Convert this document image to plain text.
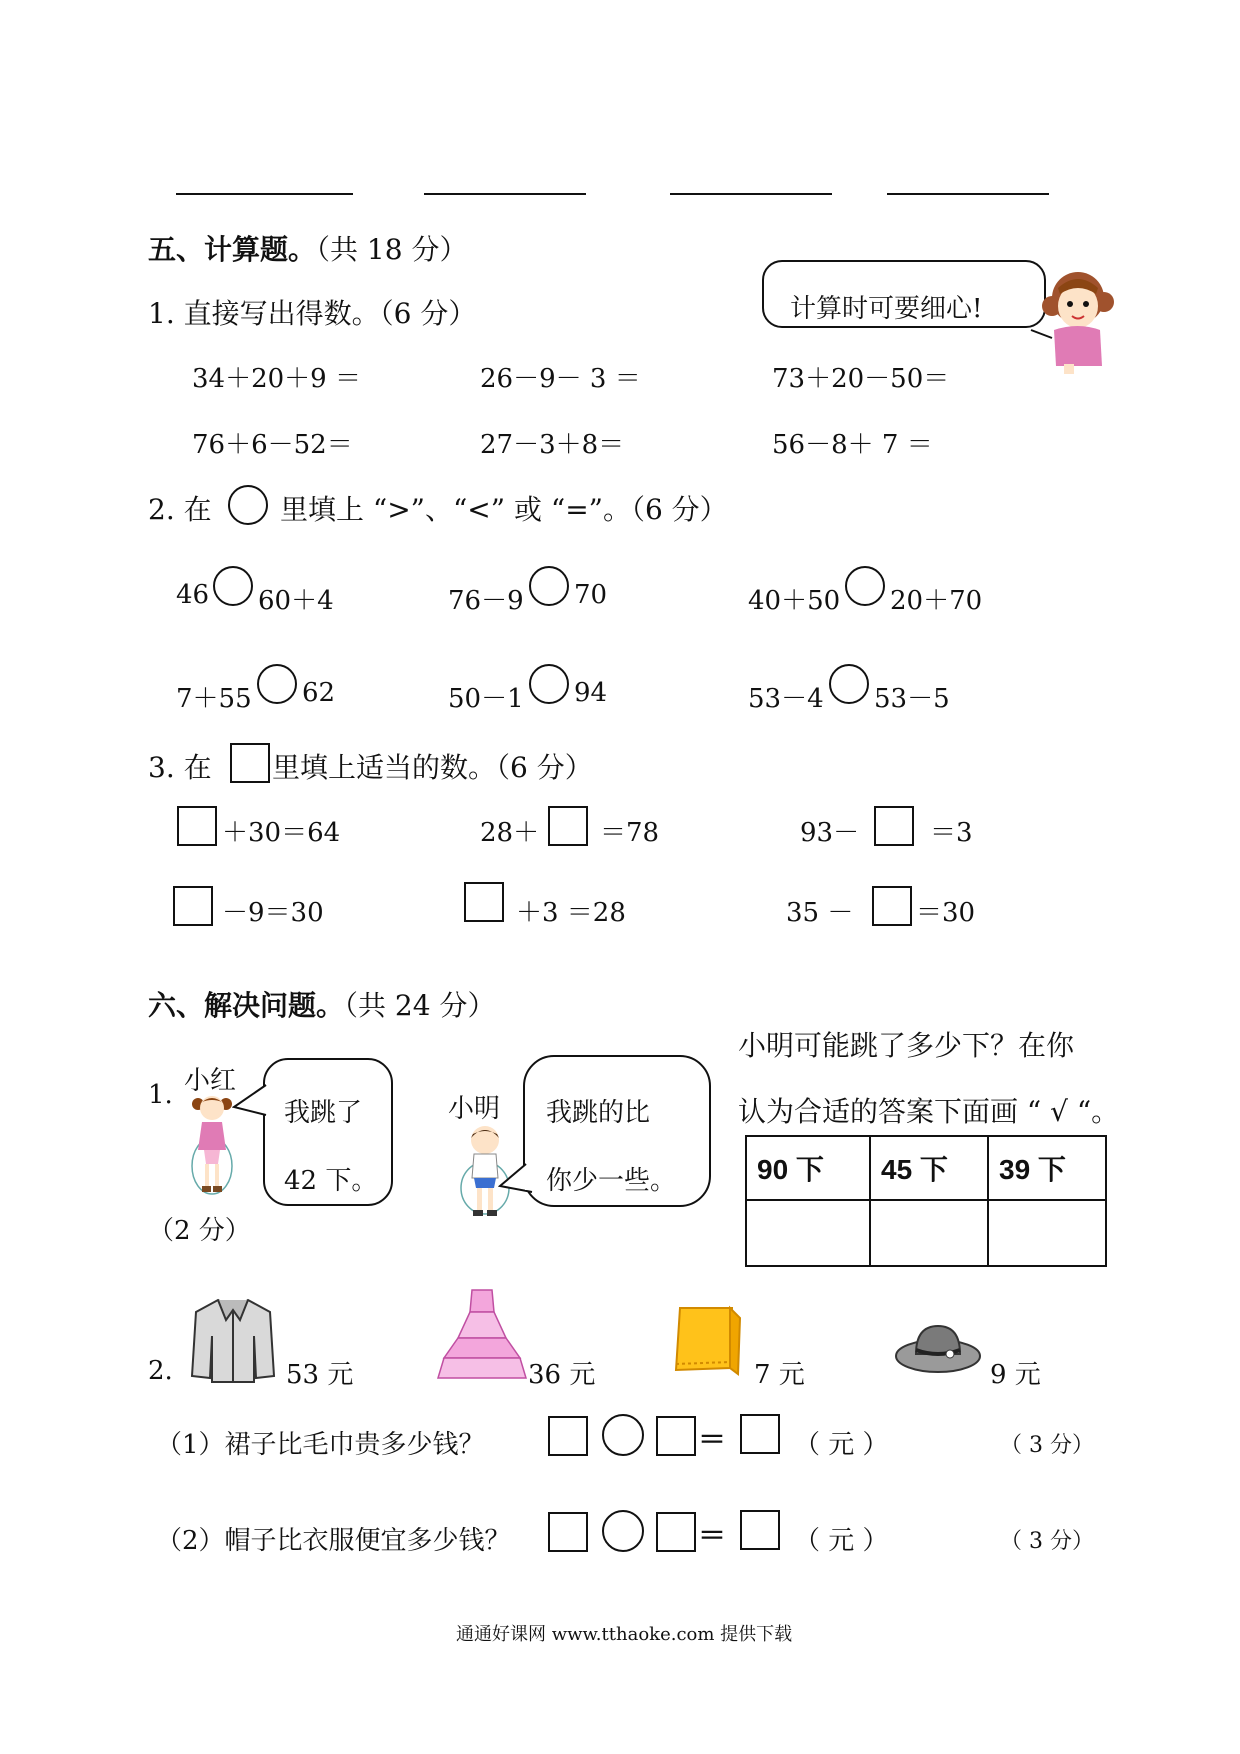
五、计算题。（共 18 分）
计算时可要细心!
1. 直接写出得数。（6 分）
34＋20＋9 ＝	26－9－ 3 ＝	73＋20－50＝
76＋6－52＝	27－3＋8＝	56－8＋ 7 ＝
2. 在 里填上 “>”、“<” 或 “=”。（6 分）
46 60＋4	76－9 70	40＋50 20＋70
7＋55 62	50－1 94	53－4 53－5
3. 在 里填上适当的数。（6 分）
＋30＝64	28＋ ＝78	93－	＝3
－9＝30	＋3 ＝28	35 － ＝30
六、解决问题。（共 24 分）
1. 小红
我跳了
42 下。
小明 我跳的比
你少一些。
（2 分）
小明可能跳了多少下？在你
认为合适的答案下面画 “ √ “。
90 下	45 下	39 下

2.	53 元	36 元	7 元	9 元
（1）裙子比毛巾贵多少钱？	＝	（ 元 ）	（ 3 分）
（2）帽子比衣服便宜多少钱？	＝	（ 元 ）	（ 3 分）
通通好课网 www.tthaoke.com 提供下载
